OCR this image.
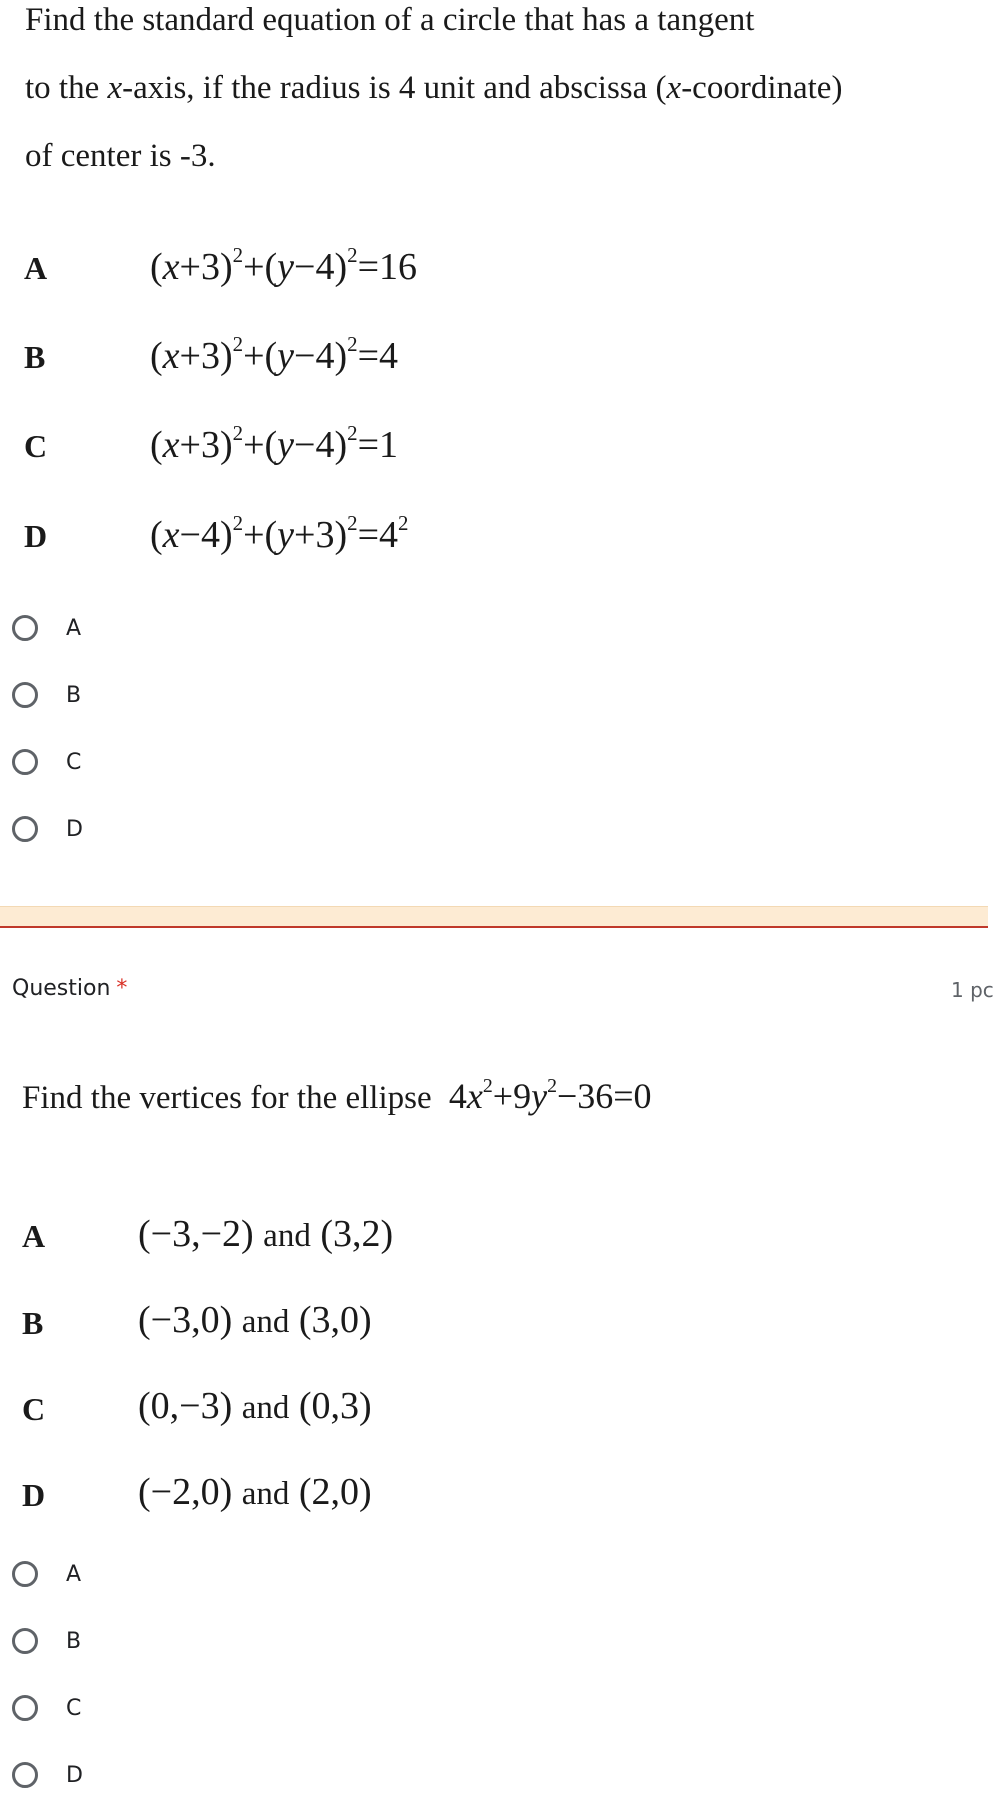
Find the standard equation of a circle that has a tangent
to the x-axis, if the radius is 4 unit and abscissa (x-coordinate)
of center is -3.
A	$(x+3)^2+(y-4)^2=16$
B	$(x+3)^2+(y-4)^2=4$
C	$(x+3)^2+(y-4)^2=1$
D	$(x-4)^2+(y+3)^2=4^2$
A
B
C
D
Question *	1 pc
Find the vertices for the ellipse  $4x^2+9y^2-36=0$
A (−3,−2) and (3,2)
B (−3,0) and (3,0)
C (0,−3) and (0,3)
D (−2,0) and (2,0)
A
B
C
D
